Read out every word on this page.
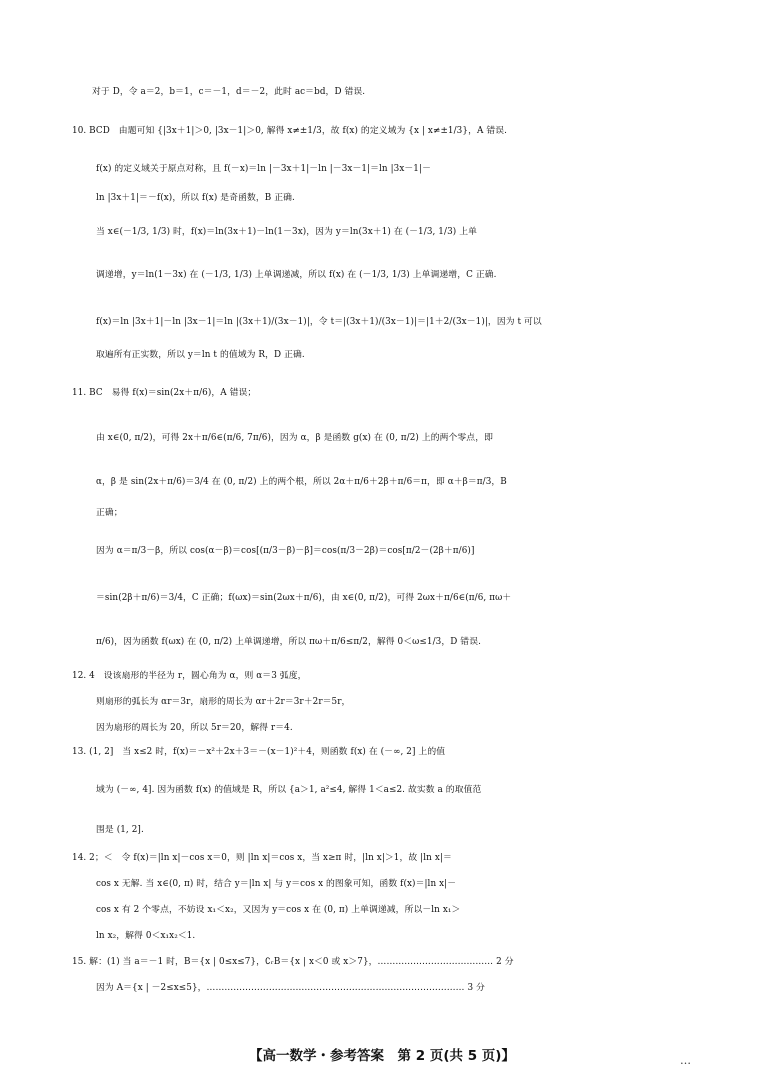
对于 D，令 a＝2，b＝1，c＝－1，d＝－2，此时 ac＝bd，D 错误.
10. BCD　由题可知 {|3x＋1|＞0, |3x－1|＞0, 解得 x≠±1/3，故 f(x) 的定义域为 {x | x≠±1/3}，A 错误.
f(x) 的定义域关于原点对称，且 f(－x)＝ln |－3x＋1|－ln |－3x－1|＝ln |3x－1|－
ln |3x＋1|＝－f(x)，所以 f(x) 是奇函数，B 正确.
当 x∈(－1/3, 1/3) 时，f(x)＝ln(3x＋1)－ln(1－3x)，因为 y＝ln(3x＋1) 在 (－1/3, 1/3) 上单
调递增，y＝ln(1－3x) 在 (－1/3, 1/3) 上单调递减，所以 f(x) 在 (－1/3, 1/3) 上单调递增，C 正确.
f(x)＝ln |3x＋1|－ln |3x－1|＝ln |(3x＋1)/(3x－1)|，令 t＝|(3x＋1)/(3x－1)|＝|1＋2/(3x－1)|，因为 t 可以
取遍所有正实数，所以 y＝ln t 的值域为 R，D 正确.
11. BC　易得 f(x)＝sin(2x＋π/6)，A 错误；
由 x∈(0, π/2)，可得 2x＋π/6∈(π/6, 7π/6)，因为 α，β 是函数 g(x) 在 (0, π/2) 上的两个零点，即
α，β 是 sin(2x＋π/6)＝3/4 在 (0, π/2) 上的两个根，所以 2α＋π/6＋2β＋π/6＝π，即 α＋β＝π/3，B
正确；
因为 α＝π/3－β，所以 cos(α－β)＝cos[(π/3－β)－β]＝cos(π/3－2β)＝cos[π/2－(2β＋π/6)]
＝sin(2β＋π/6)＝3/4，C 正确；f(ωx)＝sin(2ωx＋π/6)，由 x∈(0, π/2)，可得 2ωx＋π/6∈(π/6, πω＋
π/6)，因为函数 f(ωx) 在 (0, π/2) 上单调递增，所以 πω＋π/6≤π/2，解得 0＜ω≤1/3，D 错误.
12. 4　设该扇形的半径为 r，圆心角为 α，则 α＝3 弧度，
则扇形的弧长为 αr＝3r，扇形的周长为 αr＋2r＝3r＋2r＝5r，
因为扇形的周长为 20，所以 5r＝20，解得 r＝4.
13. (1, 2]　当 x≤2 时，f(x)＝－x²＋2x＋3＝－(x－1)²＋4，则函数 f(x) 在 (－∞, 2] 上的值
域为 (－∞, 4]. 因为函数 f(x) 的值域是 R，所以 {a＞1, a²≤4, 解得 1＜a≤2. 故实数 a 的取值范
围是 (1, 2].
14. 2；＜　令 f(x)＝|ln x|－cos x＝0，则 |ln x|＝cos x，当 x≥π 时，|ln x|＞1，故 |ln x|＝
cos x 无解. 当 x∈(0, π) 时，结合 y＝|ln x| 与 y＝cos x 的图象可知，函数 f(x)＝|ln x|－
cos x 有 2 个零点，不妨设 x₁＜x₂，又因为 y＝cos x 在 (0, π) 上单调递减，所以－ln x₁＞
ln x₂，解得 0＜x₁x₂＜1.
15. 解：(1) 当 a＝－1 时，B＝{x | 0≤x≤7}，∁ᵣB＝{x | x＜0 或 x＞7}，………………………………… 2 分
因为 A＝{x | －2≤x≤5}，…………………………………………………………………………… 3 分
【高一数学・参考答案　第 2 页(共 5 页)】	…
